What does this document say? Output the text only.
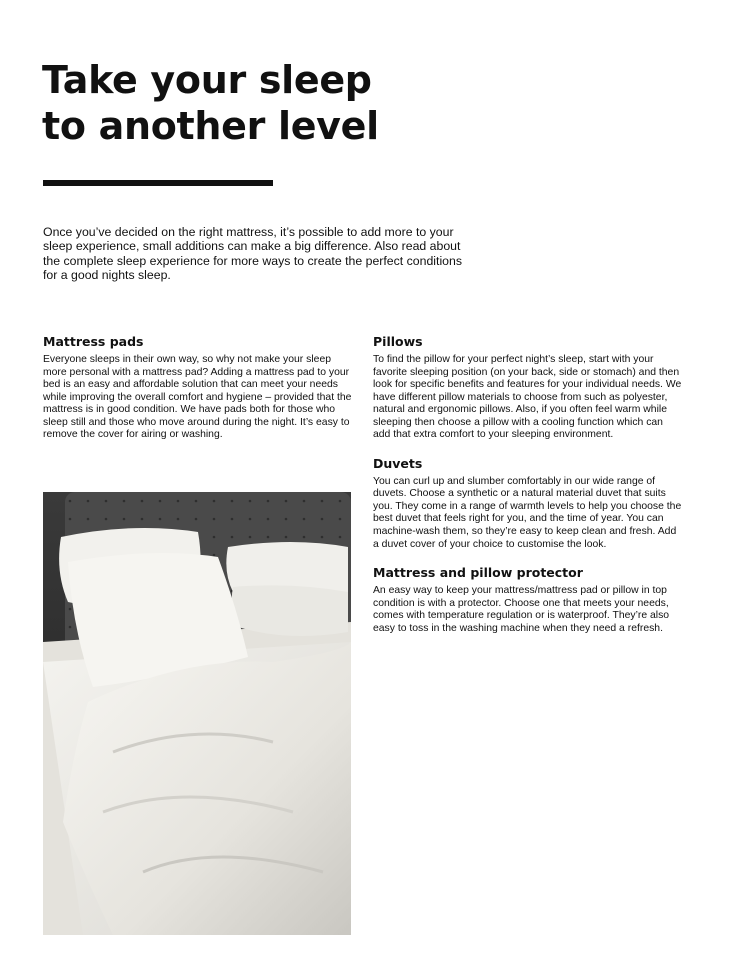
Take your sleep
to another level

Once you’ve decided on the right mattress, it’s possible to add more to your sleep experience, small additions can make a big difference. Also read about the complete sleep experience for more ways to create the perfect conditions for a good nights sleep.

Mattress pads

Everyone sleeps in their own way, so why not make your sleep more personal with a mattress pad? Adding a mattress pad to your bed is an easy and affordable solution that can meet your needs while improving the overall comfort and hygiene – provided that the mattress is in good condition. We have pads both for those who sleep still and those who move around during the night. It’s easy to remove the cover for airing or washing.

Pillows

To find the pillow for your perfect night’s sleep, start with your favorite sleeping position (on your back, side or stomach) and then look for specific benefits and features for your individual needs. We have different pillow materials to choose from such as polyester, natural and ergonomic pillows. Also, if you often feel warm while sleeping then choose a pillow with a cooling function which can add that extra comfort to your sleeping environment.

Duvets

You can curl up and slumber comfortably in our wide range of duvets. Choose a synthetic or a natural material duvet that suits you. They come in a range of warmth levels to help you choose the best duvet that feels right for you, and the time of year. You can machine-wash them, so they’re easy to keep clean and fresh. Add a duvet cover of your choice to customise the look.

Mattress and pillow protector

An easy way to keep your mattress/mattress pad or pillow in top condition is with a protector. Choose one that meets your needs, comes with temperature regulation or is waterproof. They’re also easy to toss in the washing machine when they need a refresh.
